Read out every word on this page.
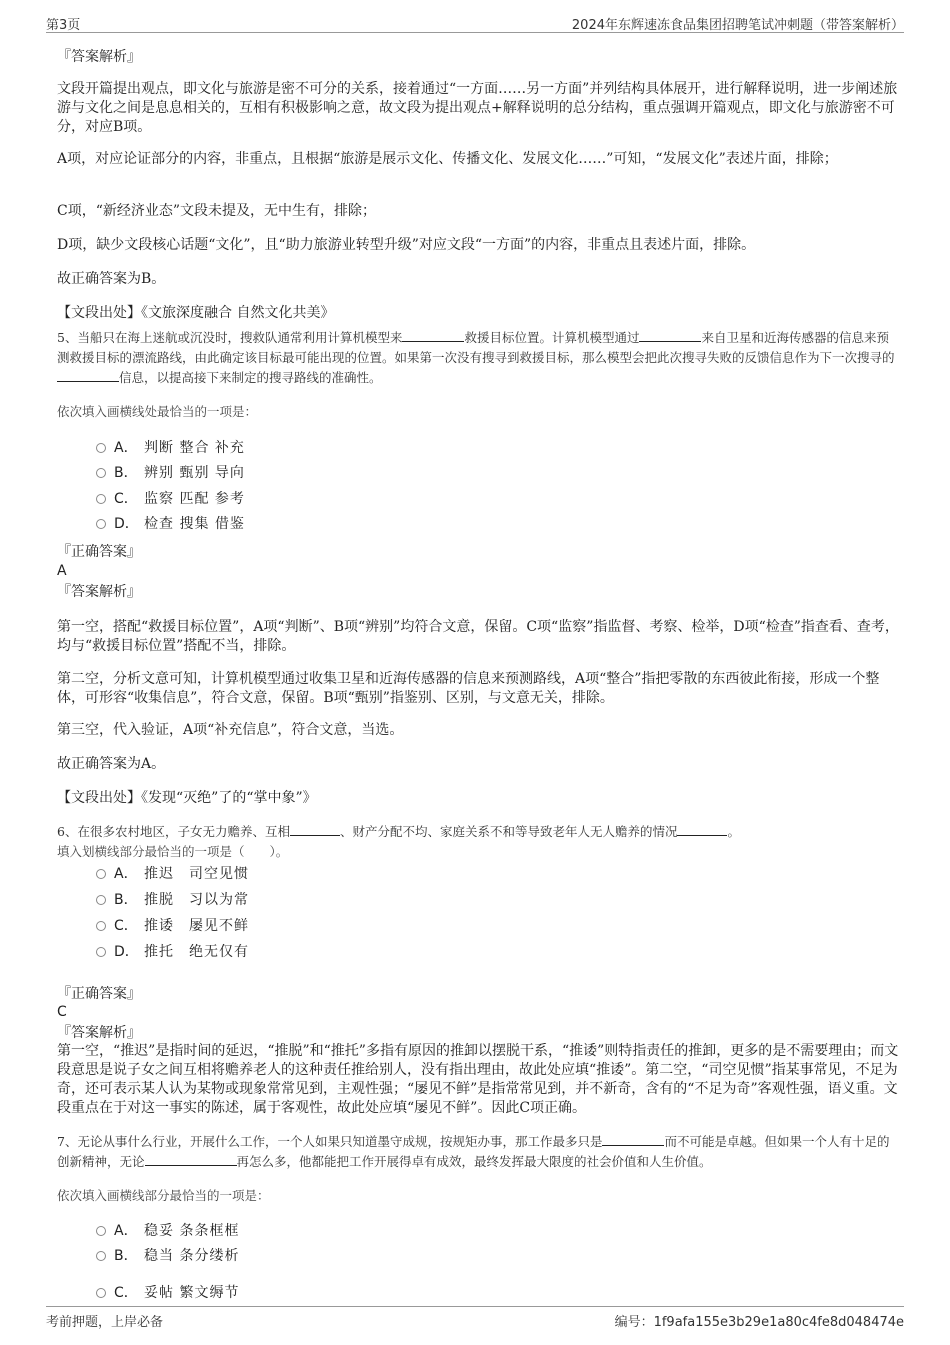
第3页	2024年东辉速冻食品集团招聘笔试冲刺题（带答案解析）
『答案解析』
文段开篇提出观点，即文化与旅游是密不可分的关系，接着通过“一方面……另一方面”并列结构具体展开，进行解释说明，进一步阐述旅游与文化之间是息息相关的，互相有积极影响之意，故文段为提出观点+解释说明的总分结构，重点强调开篇观点，即文化与旅游密不可分，对应B项。
A项，对应论证部分的内容，非重点，且根据“旅游是展示文化、传播文化、发展文化……”可知，“发展文化”表述片面，排除；
C项，“新经济业态”文段未提及，无中生有，排除；
D项，缺少文段核心话题“文化”，且“助力旅游业转型升级”对应文段“一方面”的内容，非重点且表述片面，排除。
故正确答案为B。
【文段出处】《文旅深度融合 自然文化共美》
5、当船只在海上迷航或沉没时，搜救队通常利用计算机模型来	救援目标位置。计算机模型通过	来自卫星和近海传感器的信息来预测救援目标的漂流路线，由此确定该目标最可能出现的位置。如果第一次没有搜寻到救援目标，那么模型会把此次搜寻失败的反馈信息作为下一次搜寻的信息，以提高接下来制定的搜寻路线的准确性。
依次填入画横线处最恰当的一项是：
A． 判断 整合 补充
B． 辨别 甄别 导向
C． 监察 匹配 参考
D． 检查 搜集 借鉴
『正确答案』
A
『答案解析』
第一空，搭配“救援目标位置”，A项“判断”、B项“辨别”均符合文意，保留。C项“监察”指监督、考察、检举，D项“检查”指查看、查考，均与“救援目标位置”搭配不当，排除。
第二空，分析文意可知，计算机模型通过收集卫星和近海传感器的信息来预测路线，A项“整合”指把零散的东西彼此衔接，形成一个整体，可形容“收集信息”，符合文意，保留。B项“甄别”指鉴别、区别，与文意无关，排除。
第三空，代入验证，A项“补充信息”，符合文意，当选。
故正确答案为A。
【文段出处】《发现“灭绝”了的“掌中象”》
6、在很多农村地区，子女无力赡养、互相	、财产分配不均、家庭关系不和等导致老年人无人赡养的情况	。
填入划横线部分最恰当的一项是（　　）。
A． 推迟　司空见惯
B． 推脱　习以为常
C． 推诿　屡见不鲜
D． 推托　绝无仅有
『正确答案』
C
『答案解析』
第一空，“推迟”是指时间的延迟，“推脱”和“推托”多指有原因的推卸以摆脱干系，“推诿”则特指责任的推卸，更多的是不需要理由；而文段意思是说子女之间互相将赡养老人的这种责任推给别人，没有指出理由，故此处应填“推诿”。第二空，“司空见惯”指某事常见，不足为奇，还可表示某人认为某物或现象常常见到，主观性强；“屡见不鲜”是指常常见到，并不新奇，含有的“不足为奇”客观性强，语义重。文段重点在于对这一事实的陈述，属于客观性，故此处应填“屡见不鲜”。因此C项正确。
7、无论从事什么行业，开展什么工作，一个人如果只知道墨守成规，按规矩办事，那工作最多只是	而不可能是卓越。但如果一个人有十足的创新精神，无论	再怎么多，他都能把工作开展得卓有成效，最终发挥最大限度的社会价值和人生价值。
依次填入画横线部分最恰当的一项是：
A． 稳妥 条条框框
B． 稳当 条分缕析
C． 妥帖 繁文缛节
考前押题，上岸必备	编号：1f9afa155e3b29e1a80c4fe8d048474e
